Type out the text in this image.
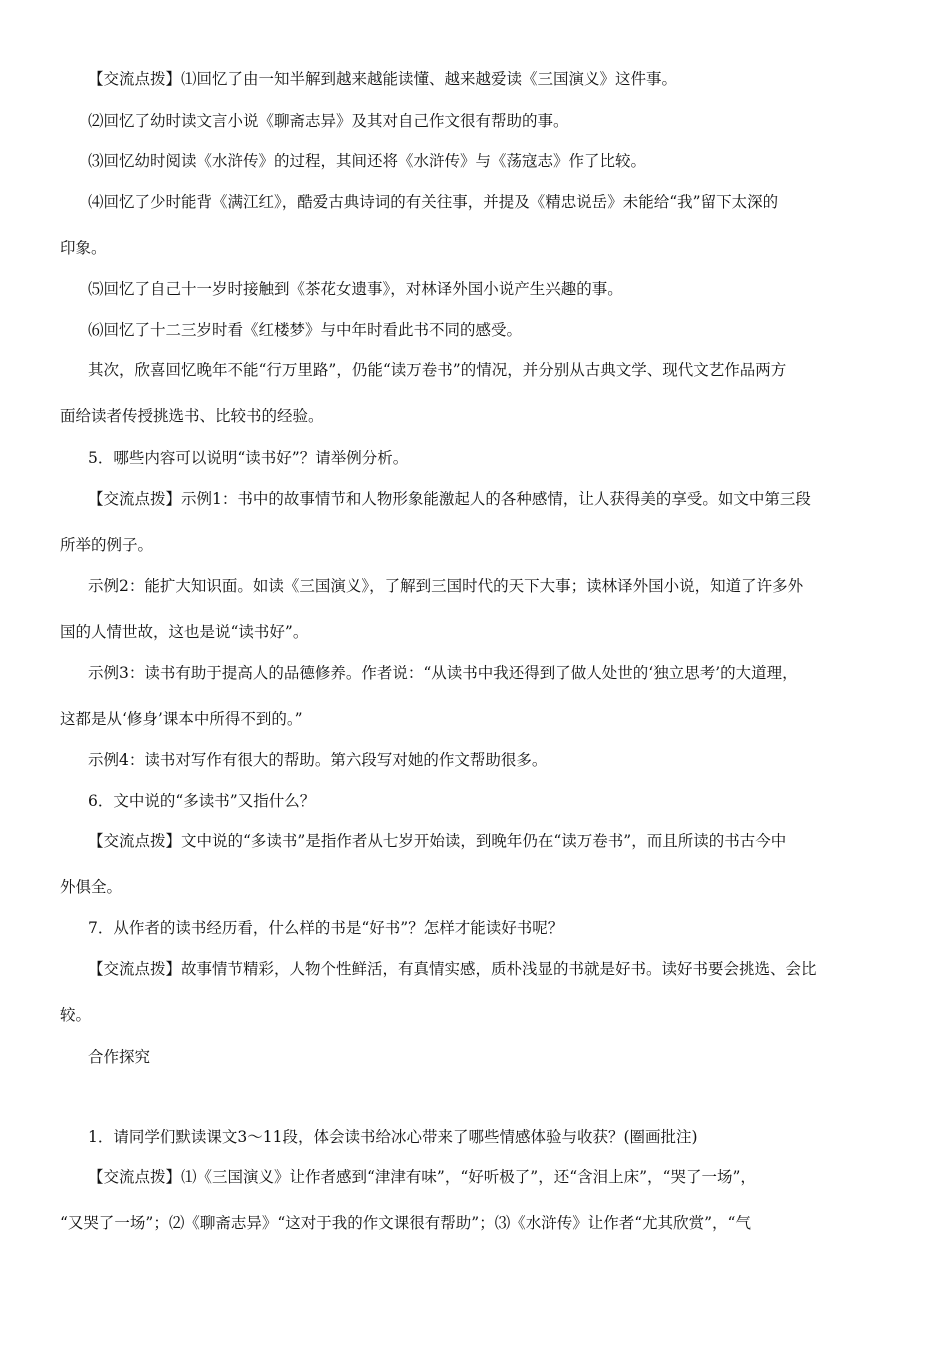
【交流点拨】⑴回忆了由一知半解到越来越能读懂、越来越爱读《三国演义》这件事。
⑵回忆了幼时读文言小说《聊斋志异》及其对自己作文很有帮助的事。
⑶回忆幼时阅读《水浒传》的过程，其间还将《水浒传》与《荡寇志》作了比较。
⑷回忆了少时能背《满江红》，酷爱古典诗词的有关往事，并提及《精忠说岳》未能给“我”留下太深的
印象。
⑸回忆了自己十一岁时接触到《茶花女遗事》，对林译外国小说产生兴趣的事。
⑹回忆了十二三岁时看《红楼梦》与中年时看此书不同的感受。
其次，欣喜回忆晚年不能“行万里路”，仍能“读万卷书”的情况，并分别从古典文学、现代文艺作品两方
面给读者传授挑选书、比较书的经验。
5．哪些内容可以说明“读书好”？请举例分析。
【交流点拨】示例1：书中的故事情节和人物形象能激起人的各种感情，让人获得美的享受。如文中第三段
所举的例子。
示例2：能扩大知识面。如读《三国演义》，了解到三国时代的天下大事；读林译外国小说，知道了许多外
国的人情世故，这也是说“读书好”。
示例3：读书有助于提高人的品德修养。作者说：“从读书中我还得到了做人处世的‘独立思考’的大道理，
这都是从‘修身’课本中所得不到的。”
示例4：读书对写作有很大的帮助。第六段写对她的作文帮助很多。
6．文中说的“多读书”又指什么？
【交流点拨】文中说的“多读书”是指作者从七岁开始读，到晚年仍在“读万卷书”，而且所读的书古今中
外俱全。
7．从作者的读书经历看，什么样的书是“好书”？怎样才能读好书呢？
【交流点拨】故事情节精彩，人物个性鲜活，有真情实感，质朴浅显的书就是好书。读好书要会挑选、会比
较。
合作探究
1．请同学们默读课文3～11段，体会读书给冰心带来了哪些情感体验与收获？(圈画批注)
【交流点拨】⑴《三国演义》让作者感到“津津有味”，“好听极了”，还“含泪上床”，“哭了一场”，
“又哭了一场”；⑵《聊斋志异》“这对于我的作文课很有帮助”；⑶《水浒传》让作者“尤其欣赏”，“气
